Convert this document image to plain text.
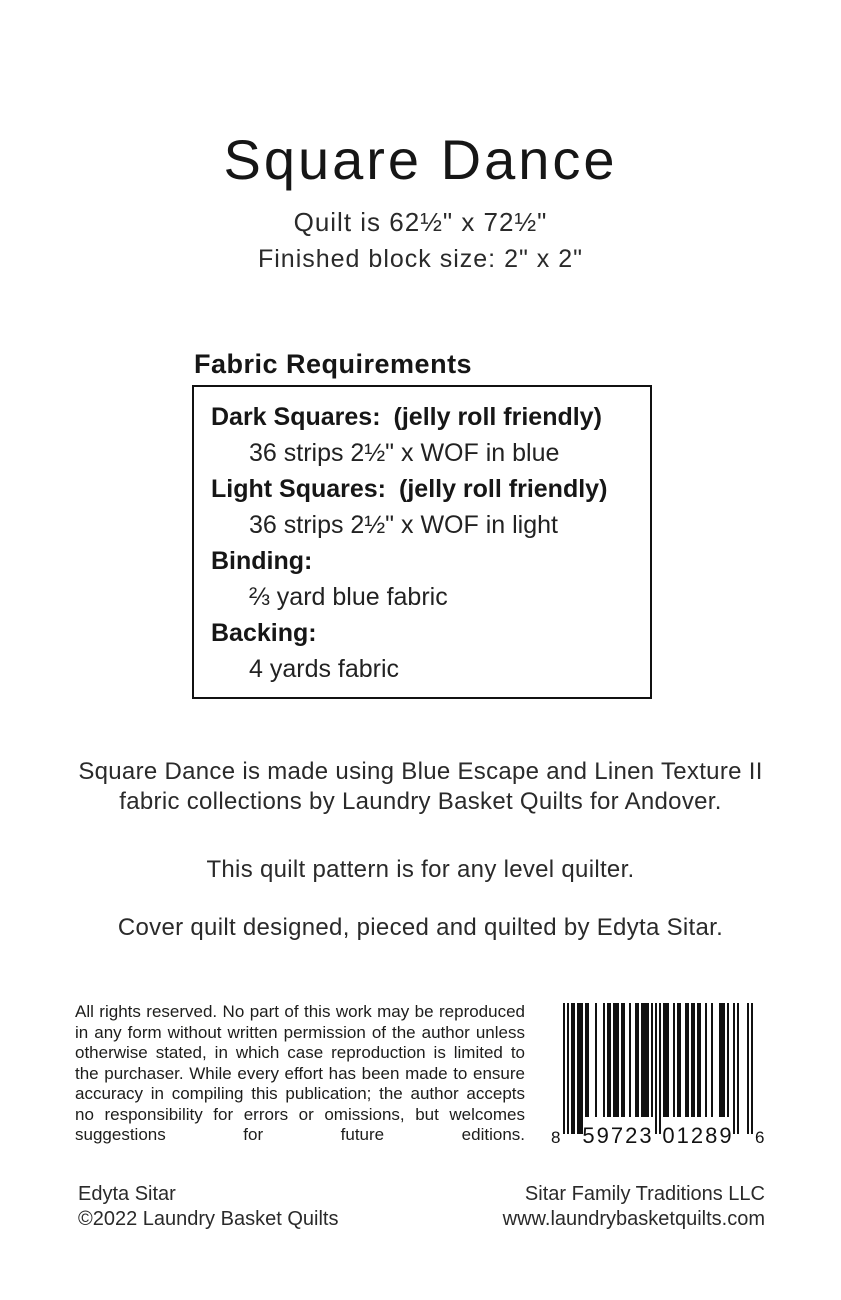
Square Dance

Quilt is 62½" x 72½"

Finished block size: 2" x 2"

Fabric Requirements
Dark Squares: (jelly roll friendly)
36 strips 2½" x WOF in blue
Light Squares: (jelly roll friendly)
36 strips 2½" x WOF in light
Binding:
⅔ yard blue fabric
Backing:
4 yards fabric

Square Dance is made using Blue Escape and Linen Texture II
fabric collections by Laundry Basket Quilts for Andover.

This quilt pattern is for any level quilter.

Cover quilt designed, pieced and quilted by Edyta Sitar.

All rights reserved. No part of this work may be reproduced in any form without written permission of the author unless otherwise stated, in which case reproduction is limited to the purchaser. While every effort has been made to ensure accuracy in compiling this publication; the author accepts no responsibility for errors or omissions, but welcomes suggestions for future editions. 8 59723 01289 6
Edyta Sitar
©2022 Laundry Basket Quilts
Sitar Family Traditions LLC
www.laundrybasketquilts.com
